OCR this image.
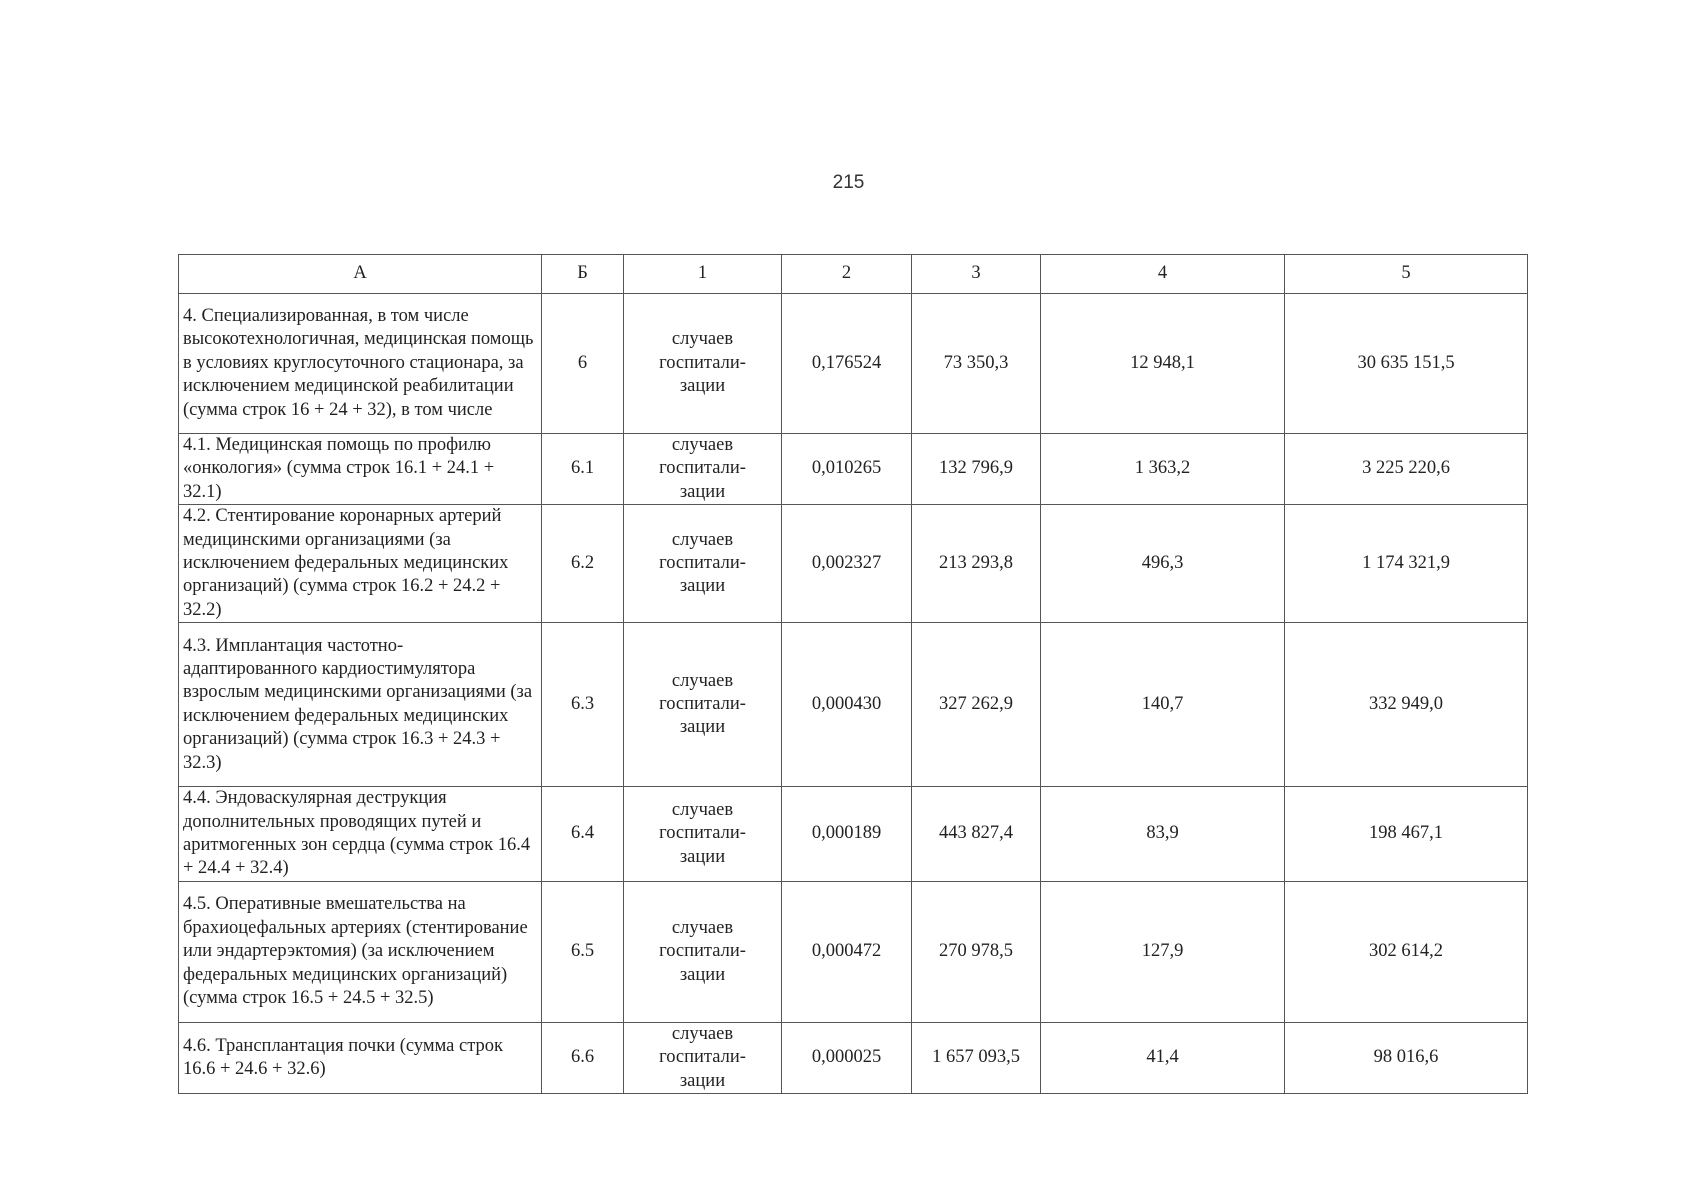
215
А	Б	1	2	3	4	5
4. Специализированная, в том числе высокотехнологичная, медицинская помощь в условиях круглосуточного стационара, за исключением медицинской реабилитации (сумма строк 16 + 24 + 32), в том числе	6	случаев
госпитали-
зации	0,176524	73 350,3	12 948,1	30 635 151,5
4.1. Медицинская помощь по профилю «онкология» (сумма строк 16.1 + 24.1 + 32.1)	6.1	случаев
госпитали-
зации	0,010265	132 796,9	1 363,2	3 225 220,6
4.2. Стентирование коронарных артерий медицинскими организациями (за исключением федеральных медицинских организаций) (сумма строк 16.2 + 24.2 + 32.2)	6.2	случаев
госпитали-
зации	0,002327	213 293,8	496,3	1 174 321,9
4.3. Имплантация частотно-адаптированного кардиостимулятора взрослым медицинскими организациями (за исключением федеральных медицинских организаций) (сумма строк 16.3 + 24.3 + 32.3)	6.3	случаев
госпитали-
зации	0,000430	327 262,9	140,7	332 949,0
4.4. Эндоваскулярная деструкция дополнительных проводящих путей и аритмогенных зон сердца (сумма строк 16.4 + 24.4 + 32.4)	6.4	случаев
госпитали-
зации	0,000189	443 827,4	83,9	198 467,1
4.5. Оперативные вмешательства на брахиоцефальных артериях (стентирование или эндартерэктомия) (за исключением федеральных медицинских организаций) (сумма строк 16.5 + 24.5 + 32.5)	6.5	случаев
госпитали-
зации	0,000472	270 978,5	127,9	302 614,2
4.6. Трансплантация почки (сумма строк 16.6 + 24.6 + 32.6)	6.6	случаев
госпитали-
зации	0,000025	1 657 093,5	41,4	98 016,6
